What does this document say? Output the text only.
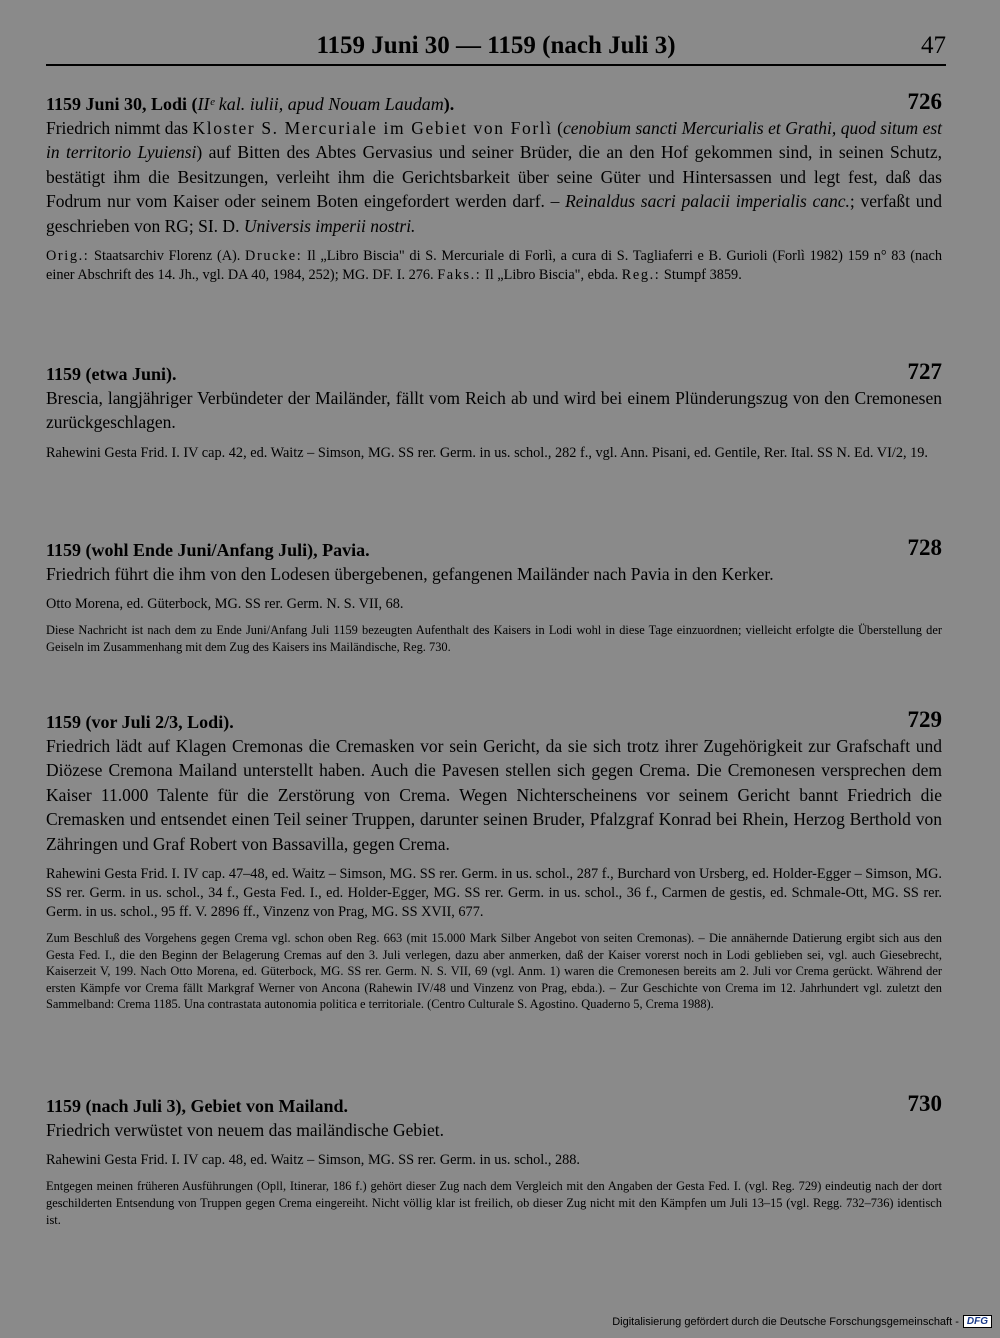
1159 Juni 30 — 1159 (nach Juli 3)	47
1159 Juni 30, Lodi (IIᵉ kal. iulii, apud Nouam Laudam).	726
Friedrich nimmt das Kloster S. Mercuriale im Gebiet von Forlì (cenobium sancti Mercurialis et Grathi, quod situm est in territorio Lyuiensi) auf Bitten des Abtes Gervasius und seiner Brüder, die an den Hof gekommen sind, in seinen Schutz, bestätigt ihm die Besitzungen, verleiht ihm die Gerichtsbarkeit über seine Güter und Hintersassen und legt fest, daß das Fodrum nur vom Kaiser oder seinem Boten eingefordert werden darf. – Reinaldus sacri palacii imperialis canc.; verfaßt und geschrieben von RG; SI. D. Universis imperii nostri.
Orig.: Staatsarchiv Florenz (A). Drucke: Il „Libro Biscia" di S. Mercuriale di Forlì, a cura di S. Tagliaferri e B. Gurioli (Forlì 1982) 159 n° 83 (nach einer Abschrift des 14. Jh., vgl. DA 40, 1984, 252); MG. DF. I. 276. Faks.: Il „Libro Biscia", ebda. Reg.: Stumpf 3859.
1159 (etwa Juni).	727
Brescia, langjähriger Verbündeter der Mailänder, fällt vom Reich ab und wird bei einem Plünderungszug von den Cremonesen zurückgeschlagen.
Rahewini Gesta Frid. I. IV cap. 42, ed. Waitz – Simson, MG. SS rer. Germ. in us. schol., 282 f., vgl. Ann. Pisani, ed. Gentile, Rer. Ital. SS N. Ed. VI/2, 19.
1159 (wohl Ende Juni/Anfang Juli), Pavia.	728
Friedrich führt die ihm von den Lodesen übergebenen, gefangenen Mailänder nach Pavia in den Kerker.
Otto Morena, ed. Güterbock, MG. SS rer. Germ. N. S. VII, 68.
Diese Nachricht ist nach dem zu Ende Juni/Anfang Juli 1159 bezeugten Aufenthalt des Kaisers in Lodi wohl in diese Tage einzuordnen; vielleicht erfolgte die Überstellung der Geiseln im Zusammenhang mit dem Zug des Kaisers ins Mailändische, Reg. 730.
1159 (vor Juli 2/3, Lodi).	729
Friedrich lädt auf Klagen Cremonas die Cremasken vor sein Gericht, da sie sich trotz ihrer Zugehörigkeit zur Grafschaft und Diözese Cremona Mailand unterstellt haben. Auch die Pavesen stellen sich gegen Crema. Die Cremonesen versprechen dem Kaiser 11.000 Talente für die Zerstörung von Crema. Wegen Nichterscheinens vor seinem Gericht bannt Friedrich die Cremasken und entsendet einen Teil seiner Truppen, darunter seinen Bruder, Pfalzgraf Konrad bei Rhein, Herzog Berthold von Zähringen und Graf Robert von Bassavilla, gegen Crema.
Rahewini Gesta Frid. I. IV cap. 47–48, ed. Waitz – Simson, MG. SS rer. Germ. in us. schol., 287 f., Burchard von Ursberg, ed. Holder-Egger – Simson, MG. SS rer. Germ. in us. schol., 34 f., Gesta Fed. I., ed. Holder-Egger, MG. SS rer. Germ. in us. schol., 36 f., Carmen de gestis, ed. Schmale-Ott, MG. SS rer. Germ. in us. schol., 95 ff. V. 2896 ff., Vinzenz von Prag, MG. SS XVII, 677.
Zum Beschluß des Vorgehens gegen Crema vgl. schon oben Reg. 663 (mit 15.000 Mark Silber Angebot von seiten Cremonas). – Die annähernde Datierung ergibt sich aus den Gesta Fed. I., die den Beginn der Belagerung Cremas auf den 3. Juli verlegen, dazu aber anmerken, daß der Kaiser vorerst noch in Lodi geblieben sei, vgl. auch Giesebrecht, Kaiserzeit V, 199. Nach Otto Morena, ed. Güterbock, MG. SS rer. Germ. N. S. VII, 69 (vgl. Anm. 1) waren die Cremonesen bereits am 2. Juli vor Crema gerückt. Während der ersten Kämpfe vor Crema fällt Markgraf Werner von Ancona (Rahewin IV/48 und Vinzenz von Prag, ebda.). – Zur Geschichte von Crema im 12. Jahrhundert vgl. zuletzt den Sammelband: Crema 1185. Una contrastata autonomia politica e territoriale. (Centro Culturale S. Agostino. Quaderno 5, Crema 1988).
1159 (nach Juli 3), Gebiet von Mailand.	730
Friedrich verwüstet von neuem das mailändische Gebiet.
Rahewini Gesta Frid. I. IV cap. 48, ed. Waitz – Simson, MG. SS rer. Germ. in us. schol., 288.
Entgegen meinen früheren Ausführungen (Opll, Itinerar, 186 f.) gehört dieser Zug nach dem Vergleich mit den Angaben der Gesta Fed. I. (vgl. Reg. 729) eindeutig nach der dort geschilderten Entsendung von Truppen gegen Crema eingereiht. Nicht völlig klar ist freilich, ob dieser Zug nicht mit den Kämpfen um Juli 13–15 (vgl. Regg. 732–736) identisch ist.
Digitalisierung gefördert durch die Deutsche Forschungsgemeinschaft - DFG
